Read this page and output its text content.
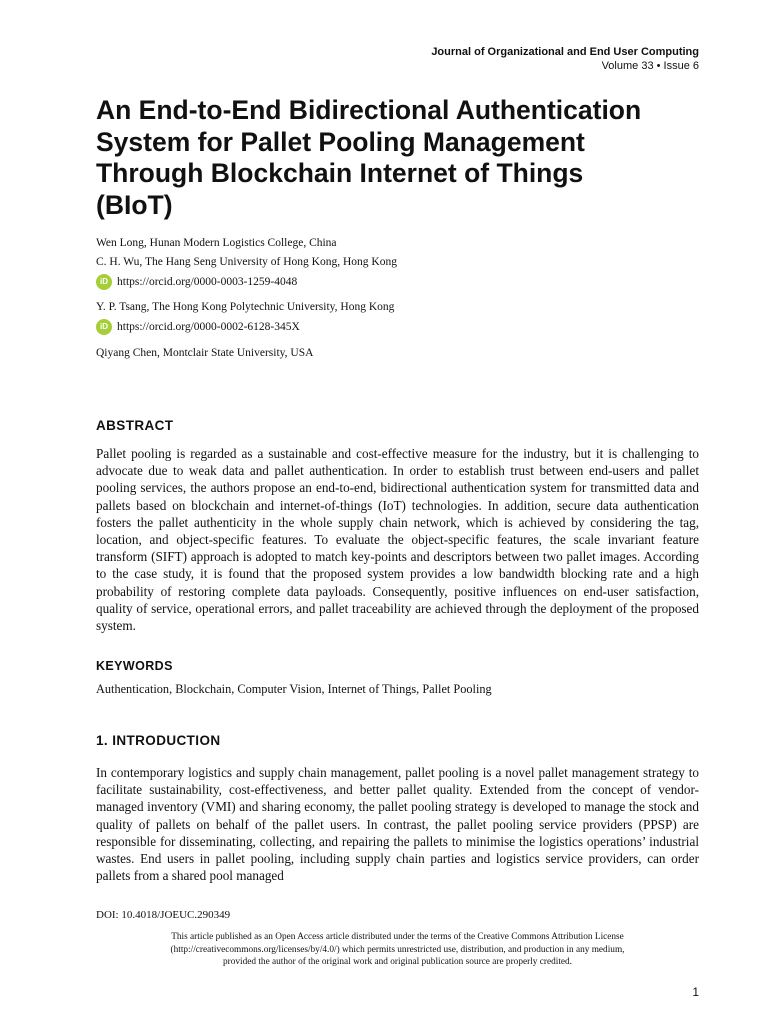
Journal of Organizational and End User Computing
Volume 33 • Issue 6
An End-to-End Bidirectional Authentication System for Pallet Pooling Management Through Blockchain Internet of Things (BIoT)
Wen Long, Hunan Modern Logistics College, China
C. H. Wu, The Hang Seng University of Hong Kong, Hong Kong
iD https://orcid.org/0000-0003-1259-4048
Y. P. Tsang, The Hong Kong Polytechnic University, Hong Kong
iD https://orcid.org/0000-0002-6128-345X
Qiyang Chen, Montclair State University, USA
ABSTRACT

Pallet pooling is regarded as a sustainable and cost-effective measure for the industry, but it is challenging to advocate due to weak data and pallet authentication. In order to establish trust between end-users and pallet pooling services, the authors propose an end-to-end, bidirectional authentication system for transmitted data and pallets based on blockchain and internet-of-things (IoT) technologies. In addition, secure data authentication fosters the pallet authenticity in the whole supply chain network, which is achieved by considering the tag, location, and object-specific features. To evaluate the object-specific features, the scale invariant feature transform (SIFT) approach is adopted to match key-points and descriptors between two pallet images. According to the case study, it is found that the proposed system provides a low bandwidth blocking rate and a high probability of restoring complete data payloads. Consequently, positive influences on end-user satisfaction, quality of service, operational errors, and pallet traceability are achieved through the deployment of the proposed system.

KEYWORDS

Authentication, Blockchain, Computer Vision, Internet of Things, Pallet Pooling

1. INTRODUCTION

In contemporary logistics and supply chain management, pallet pooling is a novel pallet management strategy to facilitate sustainability, cost-effectiveness, and better pallet quality. Extended from the concept of vendor-managed inventory (VMI) and sharing economy, the pallet pooling strategy is developed to manage the stock and quality of pallets on behalf of the pallet users. In contrast, the pallet pooling service providers (PPSP) are responsible for disseminating, collecting, and repairing the pallets to minimise the logistics operations’ industrial wastes. End users in pallet pooling, including supply chain parties and logistics service providers, can order pallets from a shared pool managed

DOI: 10.4018/JOEUC.290349
This article published as an Open Access article distributed under the terms of the Creative Commons Attribution License
(http://creativecommons.org/licenses/by/4.0/) which permits unrestricted use, distribution, and production in any medium,
provided the author of the original work and original publication source are properly credited.
1
